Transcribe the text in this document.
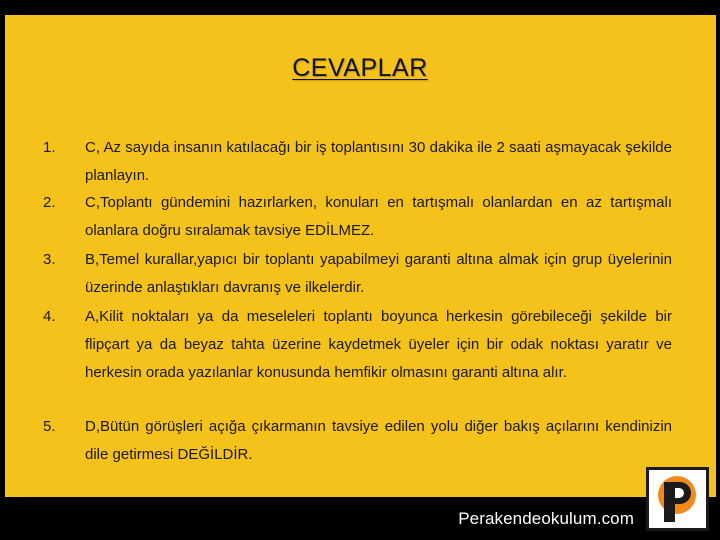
CEVAPLAR
1. C, Az sayıda insanın katılacağı bir iş toplantısını 30 dakika ile 2 saati aşmayacak şekilde planlayın.

2. C,Toplantı gündemini hazırlarken, konuları en tartışmalı olanlardan en az tartışmalı olanlara doğru sıralamak tavsiye EDİLMEZ.

3. B,Temel kurallar,yapıcı bir toplantı yapabilmeyi garanti altına almak için grup üyelerinin üzerinde anlaştıkları davranış ve ilkelerdir.

4. A,Kilit noktaları ya da meseleleri toplantı boyunca herkesin görebileceği şekilde bir flipçart ya da beyaz tahta üzerine kaydetmek üyeler için bir odak noktası yaratır ve herkesin orada yazılanlar konusunda hemfikir olmasını garanti altına alır.

5. D,Bütün görüşleri açığa çıkarmanın tavsiye edilen yolu diğer bakış açılarını kendinizin dile getirmesi DEĞİLDİR.

Perakendeokulum.com
